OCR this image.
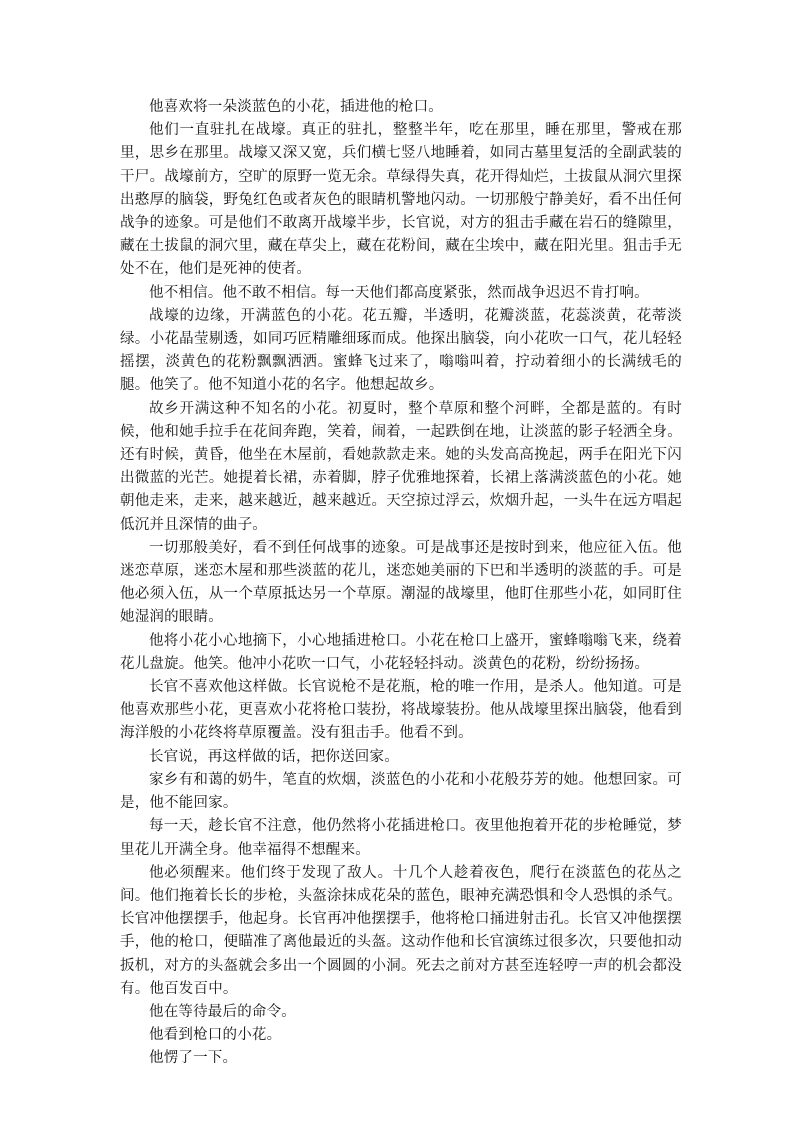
他喜欢将一朵淡蓝色的小花，插进他的枪口。

他们一直驻扎在战壕。真正的驻扎，整整半年，吃在那里，睡在那里，警戒在那里，思乡在那里。战壕又深又宽，兵们横七竖八地睡着，如同古墓里复活的全副武装的干尸。战壕前方，空旷的原野一览无余。草绿得失真，花开得灿烂，土拔鼠从洞穴里探出憨厚的脑袋，野兔红色或者灰色的眼睛机警地闪动。一切那般宁静美好，看不出任何战争的迹象。可是他们不敢离开战壕半步，长官说，对方的狙击手藏在岩石的缝隙里，藏在土拔鼠的洞穴里，藏在草尖上，藏在花粉间，藏在尘埃中，藏在阳光里。狙击手无处不在，他们是死神的使者。

他不相信。他不敢不相信。每一天他们都高度紧张，然而战争迟迟不肯打响。

战壕的边缘，开满蓝色的小花。花五瓣，半透明，花瓣淡蓝，花蕊淡黄，花蒂淡绿。小花晶莹剔透，如同巧匠精雕细琢而成。他探出脑袋，向小花吹一口气，花儿轻轻摇摆，淡黄色的花粉飘飘洒洒。蜜蜂飞过来了，嗡嗡叫着，拧动着细小的长满绒毛的腿。他笑了。他不知道小花的名字。他想起故乡。

故乡开满这种不知名的小花。初夏时，整个草原和整个河畔，全都是蓝的。有时候，他和她手拉手在花间奔跑，笑着，闹着，一起跌倒在地，让淡蓝的影子轻洒全身。还有时候，黄昏，他坐在木屋前，看她款款走来。她的头发高高挽起，两手在阳光下闪出微蓝的光芒。她提着长裙，赤着脚，脖子优雅地探着，长裙上落满淡蓝色的小花。她朝他走来，走来，越来越近，越来越近。天空掠过浮云，炊烟升起，一头牛在远方唱起低沉并且深情的曲子。

一切那般美好，看不到任何战事的迹象。可是战事还是按时到来，他应征入伍。他迷恋草原，迷恋木屋和那些淡蓝的花儿，迷恋她美丽的下巴和半透明的淡蓝的手。可是他必须入伍，从一个草原抵达另一个草原。潮湿的战壕里，他盯住那些小花，如同盯住她湿润的眼睛。

他将小花小心地摘下，小心地插进枪口。小花在枪口上盛开，蜜蜂嗡嗡飞来，绕着花儿盘旋。他笑。他冲小花吹一口气，小花轻轻抖动。淡黄色的花粉，纷纷扬扬。

长官不喜欢他这样做。长官说枪不是花瓶，枪的唯一作用，是杀人。他知道。可是他喜欢那些小花，更喜欢小花将枪口装扮，将战壕装扮。他从战壕里探出脑袋，他看到海洋般的小花终将草原覆盖。没有狙击手。他看不到。

长官说，再这样做的话，把你送回家。

家乡有和蔼的奶牛，笔直的炊烟，淡蓝色的小花和小花般芬芳的她。他想回家。可是，他不能回家。

每一天，趁长官不注意，他仍然将小花插进枪口。夜里他抱着开花的步枪睡觉，梦里花儿开满全身。他幸福得不想醒来。

他必须醒来。他们终于发现了敌人。十几个人趁着夜色，爬行在淡蓝色的花丛之间。他们拖着长长的步枪，头盔涂抹成花朵的蓝色，眼神充满恐惧和令人恐惧的杀气。长官冲他摆摆手，他起身。长官再冲他摆摆手，他将枪口捅进射击孔。长官又冲他摆摆手，他的枪口，便瞄准了离他最近的头盔。这动作他和长官演练过很多次，只要他扣动扳机，对方的头盔就会多出一个圆圆的小洞。死去之前对方甚至连轻哼一声的机会都没有。他百发百中。

他在等待最后的命令。

他看到枪口的小花。

他愣了一下。
